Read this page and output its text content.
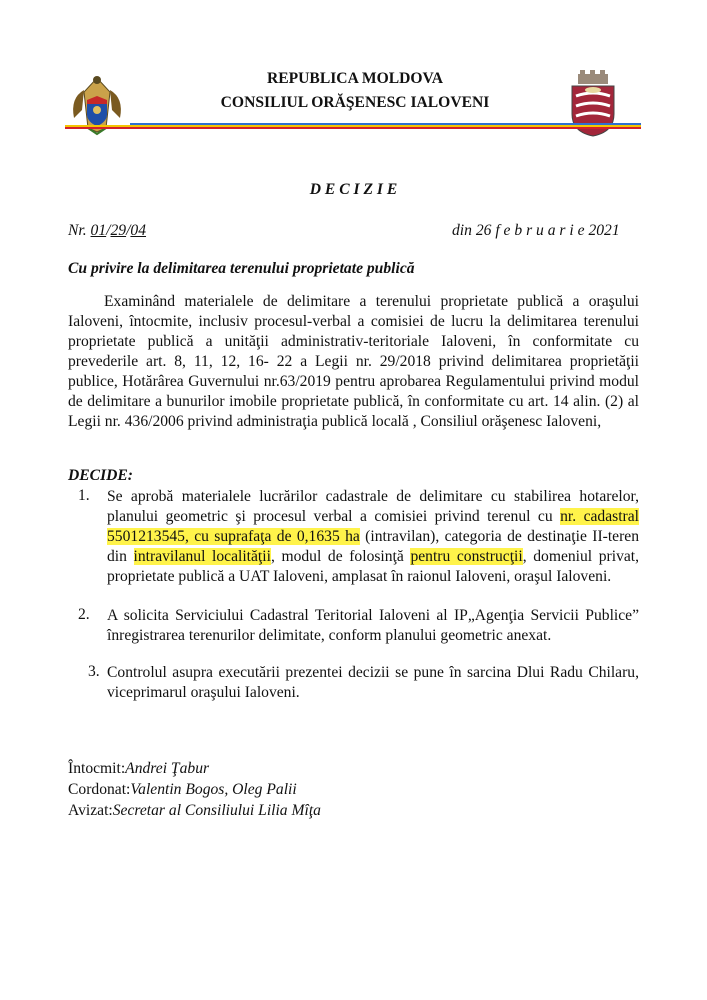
REPUBLICA MOLDOVA
CONSILIUL ORĂŞENESC IALOVENI
D E C I Z I E
Nr. 01/29/04	din 26 f e b r u a r i e 2021
Cu privire la delimitarea terenului proprietate publică
Examinând materialele de delimitare a terenului proprietate publică a oraşului Ialoveni, întocmite, inclusiv procesul-verbal a comisiei de lucru la delimitarea terenului proprietate publică a unităţii administrativ-teritoriale Ialoveni, în conformitate cu prevederile art. 8, 11, 12, 16- 22 a Legii nr. 29/2018 privind delimitarea proprietăţii publice, Hotărârea Guvernului nr.63/2019 pentru aprobarea Regulamentului privind modul de delimitare a bunurilor imobile proprietate publică, în conformitate cu art. 14 alin. (2) al Legii nr. 436/2006 privind administraţia publică locală , Consiliul orăşenesc Ialoveni,
DECIDE:
1. Se aprobă materialele lucrărilor cadastrale de delimitare cu stabilirea hotarelor, planului geometric şi procesul verbal a comisiei privind terenul cu nr. cadastral 5501213545, cu suprafaţa de 0,1635 ha (intravilan), categoria de destinaţie II-teren din intravilanul localităţii, modul de folosinţă pentru construcţii, domeniul privat, proprietate publică a UAT Ialoveni, amplasat în raionul Ialoveni, oraşul Ialoveni.
2. A solicita Serviciului Cadastral Teritorial Ialoveni al IP„Agenţia Servicii Publice” înregistrarea terenurilor delimitate, conform planului geometric anexat.
3. Controlul asupra executării prezentei decizii se pune în sarcina Dlui Radu Chilaru, viceprimarul oraşului Ialoveni.
Întocmit:Andrei Ţabur
Cordonat:Valentin Bogos, Oleg Palii
Avizat:Secretar al Consiliului Lilia Mîţa
